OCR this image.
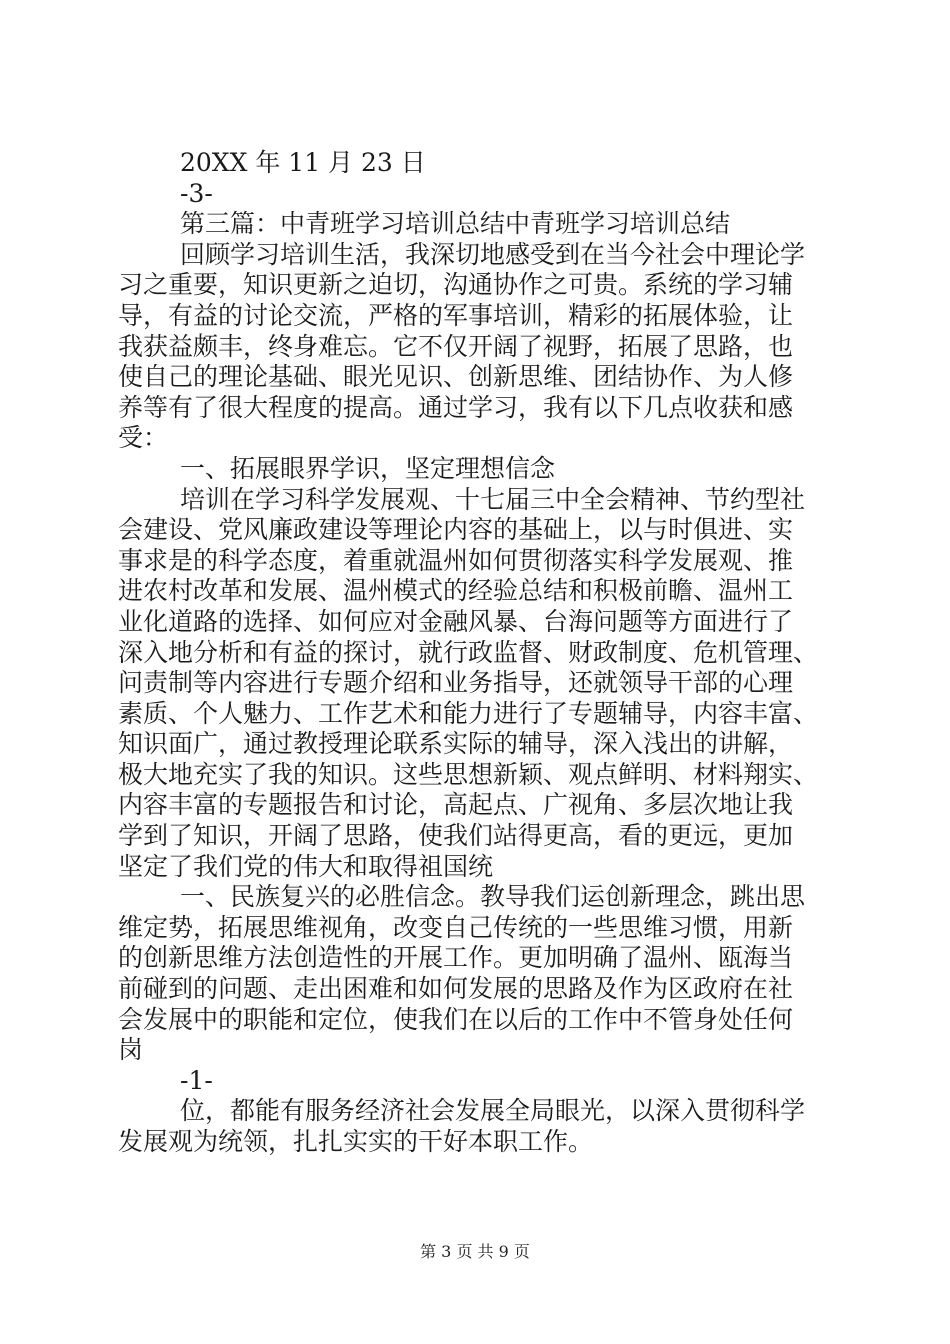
20XX 年 11 月 23 日
-3-
第三篇：中青班学习培训总结中青班学习培训总结
回顾学习培训生活，我深切地感受到在当今社会中理论学
习之重要，知识更新之迫切，沟通协作之可贵。系统的学习辅
导，有益的讨论交流，严格的军事培训，精彩的拓展体验，让
我获益颇丰，终身难忘。它不仅开阔了视野，拓展了思路，也
使自己的理论基础、眼光见识、创新思维、团结协作、为人修
养等有了很大程度的提高。通过学习，我有以下几点收获和感
受：
一、拓展眼界学识，坚定理想信念
培训在学习科学发展观、十七届三中全会精神、节约型社
会建设、党风廉政建设等理论内容的基础上，以与时俱进、实
事求是的科学态度，着重就温州如何贯彻落实科学发展观、推
进农村改革和发展、温州模式的经验总结和积极前瞻、温州工
业化道路的选择、如何应对金融风暴、台海问题等方面进行了
深入地分析和有益的探讨，就行政监督、财政制度、危机管理、
问责制等内容进行专题介绍和业务指导，还就领导干部的心理
素质、个人魅力、工作艺术和能力进行了专题辅导，内容丰富、
知识面广，通过教授理论联系实际的辅导，深入浅出的讲解，
极大地充实了我的知识。这些思想新颖、观点鲜明、材料翔实、
内容丰富的专题报告和讨论，高起点、广视角、多层次地让我
学到了知识，开阔了思路，使我们站得更高，看的更远，更加
坚定了我们党的伟大和取得祖国统
一、民族复兴的必胜信念。教导我们运创新理念，跳出思
维定势，拓展思维视角，改变自己传统的一些思维习惯，用新
的创新思维方法创造性的开展工作。更加明确了温州、瓯海当
前碰到的问题、走出困难和如何发展的思路及作为区政府在社
会发展中的职能和定位，使我们在以后的工作中不管身处任何
岗
-1-
位，都能有服务经济社会发展全局眼光，以深入贯彻科学
发展观为统领，扎扎实实的干好本职工作。
第 3 页 共 9 页
